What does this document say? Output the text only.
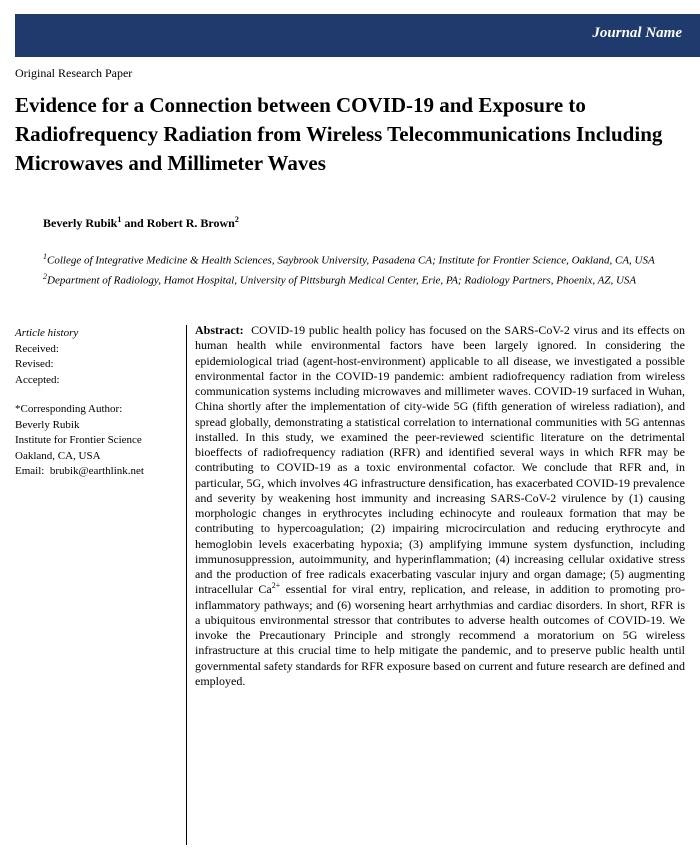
Journal Name
Original Research Paper
Evidence for a Connection between COVID-19 and Exposure to Radiofrequency Radiation from Wireless Telecommunications Including Microwaves and Millimeter Waves
Beverly Rubik$^1$ and Robert R. Brown$^2$

$^1$College of Integrative Medicine & Health Sciences, Saybrook University, Pasadena CA; Institute for Frontier Science, Oakland, CA, USA

$^2$Department of Radiology, Hamot Hospital, University of Pittsburgh Medical Center, Erie, PA; Radiology Partners, Phoenix, AZ, USA

Article history
Received:
Revised:
Accepted:
*Corresponding Author:
Beverly Rubik
Institute for Frontier Science
Oakland, CA, USA
Email: brubik@earthlink.net

Abstract: COVID-19 public health policy has focused on the SARS-CoV-2 virus and its effects on human health while environmental factors have been largely ignored. In considering the epidemiological triad (agent-host-environment) applicable to all disease, we investigated a possible environmental factor in the COVID-19 pandemic: ambient radiofrequency radiation from wireless communication systems including microwaves and millimeter waves. COVID-19 surfaced in Wuhan, China shortly after the implementation of city-wide 5G (fifth generation of wireless radiation), and spread globally, demonstrating a statistical correlation to international communities with 5G antennas installed. In this study, we examined the peer-reviewed scientific literature on the detrimental bioeffects of radiofrequency radiation (RFR) and identified several ways in which RFR may be contributing to COVID-19 as a toxic environmental cofactor. We conclude that RFR and, in particular, 5G, which involves 4G infrastructure densification, has exacerbated COVID-19 prevalence and severity by weakening host immunity and increasing SARS-CoV-2 virulence by (1) causing morphologic changes in erythrocytes including echinocyte and rouleaux formation that may be contributing to hypercoagulation; (2) impairing microcirculation and reducing erythrocyte and hemoglobin levels exacerbating hypoxia; (3) amplifying immune system dysfunction, including immunosuppression, autoimmunity, and hyperinflammation; (4) increasing cellular oxidative stress and the production of free radicals exacerbating vascular injury and organ damage; (5) augmenting intracellular $Ca^{2+}$ essential for viral entry, replication, and release, in addition to promoting pro-inflammatory pathways; and (6) worsening heart arrhythmias and cardiac disorders. In short, RFR is a ubiquitous environmental stressor that contributes to adverse health outcomes of COVID-19. We invoke the Precautionary Principle and strongly recommend a moratorium on 5G wireless infrastructure at this crucial time to help mitigate the pandemic, and to preserve public health until governmental safety standards for RFR exposure based on current and future research are defined and employed.
